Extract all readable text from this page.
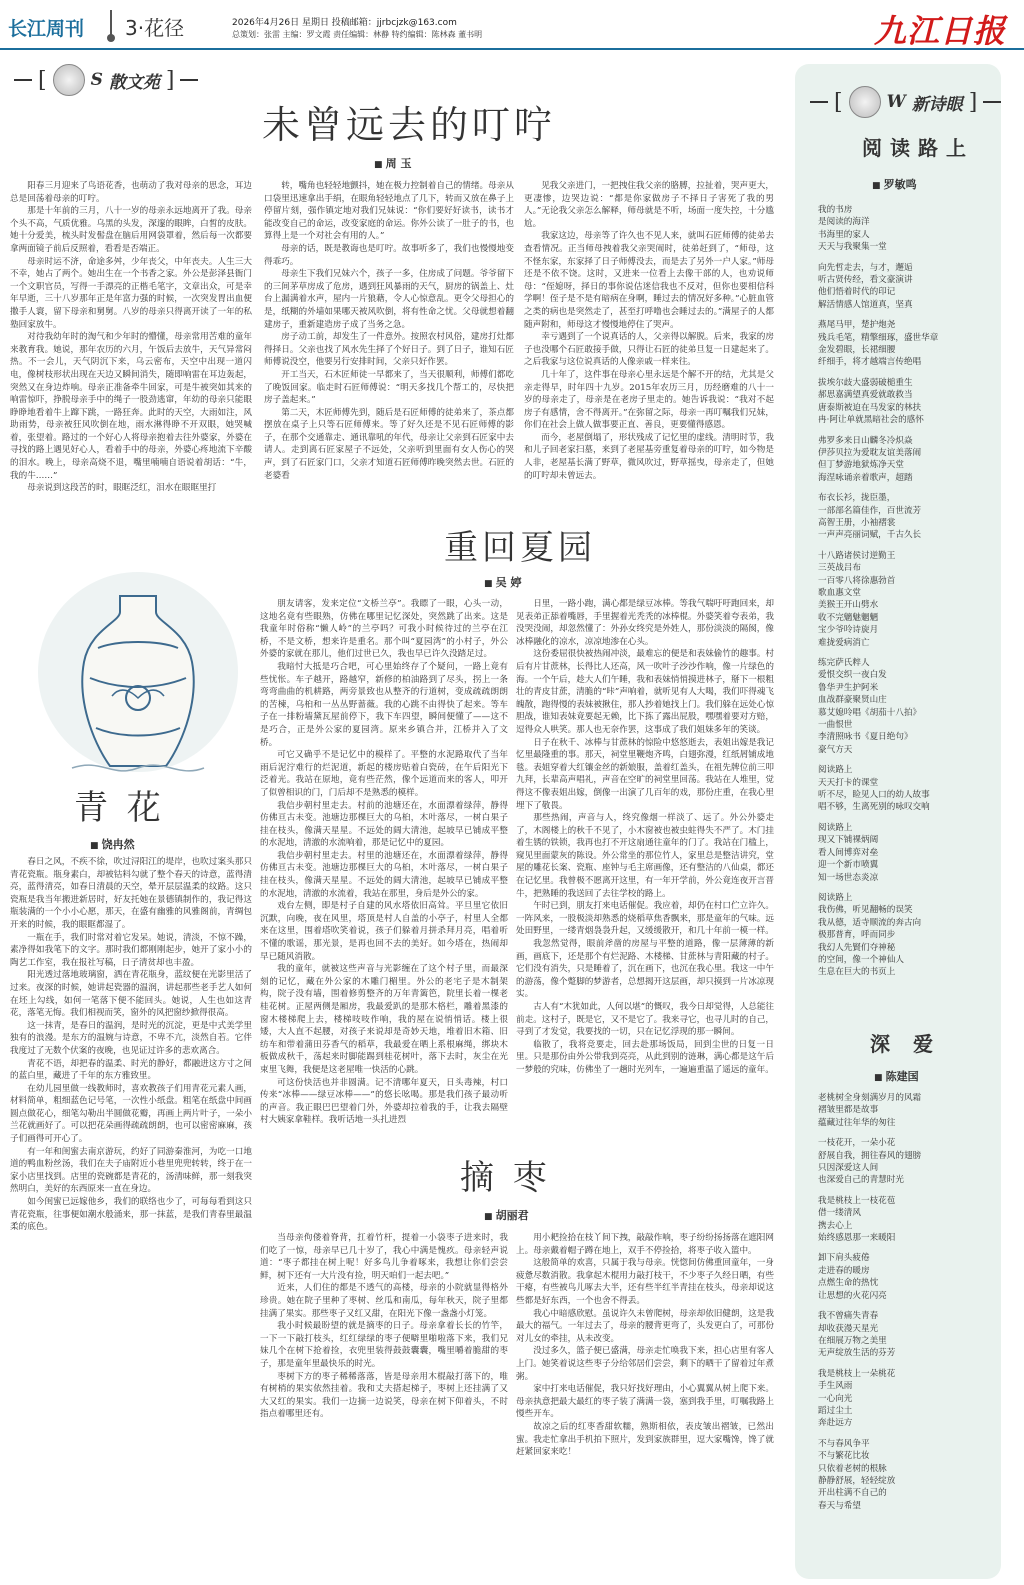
长江周刊 3·花径	2026年4月26日 星期日 投稿邮箱：jjrbcjzk@163.com
总策划：张雷 主编：罗文霞 责任编辑：林静 特约编辑：陈林森 董书明	九江日报
[	S 散文苑 ]
未曾远去的叮咛
■ 周 玉

阳春三月迎来了鸟语花香，也萌动了我对母亲的思念，耳边总是回荡着母亲的叮咛。

那是十年前的三月，八十一岁的母亲永远地离开了我。母亲个头不高，气质优雅。乌黑的头发，深邃的眼眸，白皙的皮肤。她十分爱美，梳头时发髻盘在脑后用网袋罩着，然后每一次都要拿两面镜子前后反照着，看看是否端正。

母亲时运不济，命途多舛，少年丧父，中年丧夫。人生三大不幸，她占了两个。她出生在一个书香之家。外公是彭泽县衙门一个文职官员，写得一手漂亮的正楷毛笔字，文章出众，可是幸年早逝，三十八岁那年正是年富力强的时候，一次突发胃出血便撒手人寰，留下母亲和舅舅。八岁的母亲只得离开读了一年的私塾回家放牛。

对待我幼年时的淘气和少年时的懵懂，母亲常用苦难的童年来教育我。她说，那年农历的六月，午饭后去放牛，天气异常闷热。不一会儿，天气阴沉下来，乌云密布，天空中出现一道闪电，像树枝形状出现在天边又瞬间消失，随即响雷在耳边轰起，突然又在身边炸响。母亲正准备牵牛回家，可是牛被突如其来的响雷惊吓，挣脱母亲手中的绳子一股劲逃窜，年幼的母亲只能眼睁睁地看着牛上蹿下跳，一路狂奔。此时的天空，大雨如注，风助雨势，母亲被狂风吹倒在地，雨水淋得睁不开双眼，她哭喊着，张望着。路过的一个好心人将母亲抱着去往外婆家，外婆在寻找的路上遇见好心人，看着手中的母亲，外婆心疼地流下辛酸的泪水。晚上，母亲高烧不退，嘴里喃喃自语说着胡话：“牛，我的牛……”

母亲说到这段苦的时，眼眶泛红，泪水在眼眶里打

转，嘴角也轻轻地颤抖，她在极力控制着自己的情绪。母亲从口袋里迅速拿出手绢，在眼角轻轻地点了几下，转而又放在鼻子上停留片刻，强作镇定地对我们兄妹说：“你们要好好读书，读书才能改变自己的命运，改变家庭的命运。你外公读了一肚子的书，也算得上是一个对社会有用的人。”

母亲的话，既是教诲也是叮咛。故事听多了，我们也慢慢地变得乖巧。

母亲生下我们兄妹六个，孩子一多，住房成了问题。爷爷留下的三间茅草房成了危房，遇到狂风暴雨的天气，厨房的锅盖上、灶台上漏满着水声，屋内一片狼藉，令人心惊意乱。更令父母担心的是，纸糊的外墙如果哪天被风吹倒，将有性命之忧。父母就想着翻建房子，重新建造房子成了当务之急。

房子动工前，却发生了一件意外。按照农村风俗，建房打灶都得择日。父亲也找了风水先生择了个好日子。到了日子，谁知石匠师傅说没空，他要另行安排时间，父亲只好作罢。

开工当天，石木匠师徒一早都来了，当天很顺利，师傅们都吃了晚饭回家。临走时石匠师傅说：“明天多找几个帮工的，尽快把房子盖起来。”

第二天，木匠师傅先到，随后是石匠师傅的徒弟来了，茶点都摆放在桌子上只等石匠师傅来。等了好久还是不见石匠师傅的影子，在那个交通靠走、通讯靠吼的年代，母亲让父亲到石匠家中去请人。走到离石匠家屋子不远处，父亲听到里面有女人伤心的哭声，到了石匠家门口，父亲才知道石匠师傅昨晚突然去世。石匠的老婆看

见我父亲进门，一把拽住我父亲的胳膊，拉扯着，哭声更大，更凄惨，边哭边说：“都是你家做房子不择日子害死了我的男人。”无论我父亲怎么解释，师母就是不听，场面一度失控，十分尴尬。

我家这边，母亲等了许久也不见人来，就叫石匠师傅的徒弟去查看情况。正当师母拽着我父亲哭闹时，徒弟赶到了，“师母，这不怪东家，东家择了日子师傅没去，而是去了另外一户人家。”师母还是不依不饶。这时，又进来一位看上去像干部的人，也劝说师母：“侄媳呀，择日的事你说估迷信我也不反对，但你也要相信科学啊！侄子是不是有暗病在身啊，睡过去的情况好多种。”心脏血管之类的病也是突然走了，甚至打呼噜也会睡过去的。”满屋子的人都随声附和，师母这才慢慢地停住了哭声。

幸亏遇到了一个说真话的人，父亲得以解脱。后来，我家的房子也没哪个石匠敢接手做，只得让石匠的徒弟旦复一日建起来了。之后我家与这位说真话的人像亲戚一样来往。

几十年了，这件事在母亲心里永远是个解不开的结，尤其是父亲走得早，时年四十九岁。2015年农历三月，历经磨难的八十一岁的母亲走了，母亲是在老房子里走的。她告诉我说：“我对不起房子有感情，舍不得离开。”在弥留之际，母亲一再叮嘱我们兄妹，你们在社会上做人做事要正直、善良，更要懂得感恩。

而今，老屋倒塌了，形状残成了记忆里的虚线。清明时节，我和儿子回老家扫墓，来到了老屋基旁重复着母亲的叮咛，如今物是人非，老屋基长满了野草，微风吹过，野草摇曳，母亲走了，但她的叮咛却未曾远去。

重回夏园
■ 吴 婷

朋友请客，发来定位“文桥兰亭”。我瞟了一眼，心头一动，这地名竟有些眼熟，仿佛在哪里记忆深处，突然跳了出来。这是我童年时俗称“懒人岭”的兰亭吗？可我小时候待过的兰亭在江桥，不是文桥，想来许是重名。那个叫“夏园湾”的小村子，外公外婆的家就在那儿，他们过世已久，我也早已许久没踏足过。

我暗忖大抵是巧合吧，可心里始终存了个疑问，一路上竟有些忧怅。车子越开，路越窄，新修的柏油路到了尽头，拐上一条弯弯曲曲的机耕路，两旁景致也从整齐的行道树，变成疏疏朗朗的苦楝，乌桕和一丛丛野蔷薇。我的心跳不由得快了起来。等车子在一排粉墙黛瓦屋前停下，我下车四望，瞬间便懂了——这不是巧合，正是外公家的夏园湾。原来乡镇合并，江桥并入了文桥。

可它又确乎不是记忆中的模样了。平整的水泥路取代了当年雨后泥泞难行的烂泥道，新起的楼房贴着白瓷砖，在午后阳光下泛着光。我站在原地，竟有些茫然，像个远道而来的客人，叩开了似曾相识的门，门后却不是熟悉的模样。

我信步朝村里走去。村前的池塘还在，水面漂着绿萍，静得仿佛亘古未变。池塘边那棵巨大的乌桕，木叶落尽，一树白果子挂在枝头，像满天星星。不远处的阔大清池，起坡早已铺成平整的水泥地，清澈的水流响着，那是记忆中的夏园。

我信步朝村里走去。村里的池塘还在，水面漂着绿萍，静得仿佛亘古未变。池塘边那棵巨大的乌桕，木叶落尽，一树白果子挂在枝头，像满天星星。不远处的阔大清池，起坡早已铺成平整的水泥地，清澈的水流着，我站在那里，身后是外公的家。

戏台左侧，即是村子自建的风水塔依旧高耸。平旦里它依旧沉默，向晚，夜在风里，塔顶是村人自盖的小亭子，村里人全都来在这里，围着塔吹笑着说，孩子们躲着月拼杀拜月亮，唱着听不懂的歌谣，那光景，是再也回不去的美好。如今塔在，热闹却早已随风消散。

我的童年，就被这些声音与光影缠在了这个村子里，而最深刻的记忆，藏在外公家的木雕门楣里。外公的老宅子是木制架构，院子没有墙，围着修剪整齐的万年青篱笆，院里长着一棵老桂花树。正屋两侧是厢房，我最爱趴的是那木格栏，雕着黑漆的窗木楼梯爬上去，楼梯吱吱作响，我的屋在说悄悄话。楼上很矮，大人直不起腰，对孩子来说却是奇妙天地，堆着旧木箱、旧纺车和带着蒲田芬香气的稻草，我最爱在晒上系根麻绳，绑块木板做成秋千，荡起来时脚能踢到桂花树叶，落下去时，灰尘在光束里飞舞，我便是这老屋唯一快活的心跳。

可这份快活也并非圆满。记不清哪年夏天，日头毒辣，村口传来“冰棒——绿豆冰棒——”的悠长吆喝。那是我们孩子最动听的声音。我正眼巴巴望着门外，外婆却拉着我的手，让我去隔壁村大姨家拿鞋样。我听话地一头扎进烈

日里，一路小跑，满心都是绿豆冰棒。等我气喘吁吁跑回来，却见表弟正舔着嘴唇，手里握着光秃秃的冰棒棍。外婆笑着夸表弟，我没哭没闹，却忽然懂了：外孙女终究是外姓人，那份淡淡的隔阂，像冰棒融化的凉水，凉凉地渗在心头。

这份委屈很快被热闹冲淡，最难忘的便是和表妹偷竹的趣事。村后有片甘蔗林，长得比人还高，风一吹叶子沙沙作响，像一片绿色的海。一个午后，趁大人们午睡，我和表妹悄悄摸进林子，掰下一根粗壮的青皮甘蔗，清脆的“咔”声响着，就听见有人大喝，我们吓得魂飞魄散，跑得慢的表妹被揪住，那人抄着她找上门。我们躲在远处心惊胆战，谁知表妹竟要起无赖，比下拣了露出屁股，嘿嘿着要对方赔，逗得众人哄笑。那人也无奈作罢，这事成了我们姐妹多年的笑谈。

日子在秋千、冰棒与甘蔗林的惊险中悠悠逝去，表姐出嫁是我记忆里最隆重的事。那天，祠堂里鞭炮齐鸣，白翅弥漫，红纸屑铺成地毯。表姐穿着大红镶金丝的新娘服，盖着红盖头，在祖先牌位前三叩九拜，长辈高声唱礼，声音在空旷的祠堂里回荡。我站在人堆里，觉得这不像表姐出嫁，倒像一出演了几百年的戏，那份庄重，在我心里埋下了敬畏。

那些热闹，声音与人，终究像烟一样淡了、远了。外公外婆走了，木阁楼上的秋千不见了，小木窗被也被虫蛀得失不严了。木门挂着生锈的铁锁，我再也打不开这扇通往童年的门了。我站在门槛上，窥见里面蒙灰的陈设。外公常坐的那位竹人，家里总是整洁讲究，堂屋的雕花长案、瓷瓶、座钟与毛主席画像，还有整洁的八仙桌，都还在记忆里。我曾极不愿离开这里，有一年开学前，外公竟连夜开言晋牛，把熟睡的我送回了去往学校的路上。

午时已到，朋友打来电话催促。我应着，却仍在村口伫立许久。一阵风来，一股极淡却熟悉的烧稻草焦香飘来，那是童年的气味。远处田野里，一缕青烟袅袅升起，又缓缓散开，和几十年前一模一样。

我忽然觉得，眼前斧凿的房屋与平整的道路，像一层薄薄的新画，画底下，还是那个有烂泥路、木楼梯、甘蔗林与青阳藏的村子。它们没有消失，只是睡着了，沉在画下，也沉在我心里。我这一中午的游荡，像个蹩脚的梦游者，总想揭开这层画，却只摸到一片冰凉现实。

古人有“木犹如此，人何以堪”的慨叹，我今日却觉得，人总能往前走。这村子，既是它，又不是它了。我来寻它，也寻儿时的自己，寻到了才发觉，我要找的一切，只在记忆浮现的那一瞬间。

临散了，我将竞要走，回去赴那场饭局，回到尘世的日复一日里。只是那份由外公带我到亮亮，从此到别的涟琳，满心都是这午后一梦般的究味，仿佛坐了一趟时光列车，一遍遍重温了遥远的童年。

青 花
■ 饶冉然

春日之风，不疾不徐，吹过浔阳江的堤岸，也吹过案头那只青花瓷瓶。瓶身素白，却被钴料勾就了整个春天的诗意，蓝得清亮，蓝得清亮，如春日清晨的天空，晕开层层温柔的纹路。这只瓷瓶是我当年搬进新居时，好友托她在景德镇制作的，我记得这瓶装满的一个小小心愿，那天，在盛有幽雅的风雅阁前，青绸包开来的时候，我的眼眶都湿了。

一瓶在手，我们时常对着它发呆。她说，清淡，不惊不躁，素净得如我笔下的文字。那时我们都刚刚起步，她开了家小小的陶艺工作室，我在报社写稿，日子清贫却也丰盈。

阳光透过落地玻璃窗，洒在青花瓶身，蓝纹便在光影里活了过来。夜深的时候，她讲起瓷器的温润，讲起那些老手艺人如何在坯上勾线，如何一笔落下便不能回头。她说，人生也如这青花，落笔无悔。我们相视而笑，窗外的风把窗纱掀得很高。

这一抹青，是春日的温润，是时光的沉淀，更是中式美学里独有的浪漫。是东方的温婉与诗意，不卑不亢，淡然自若。它伴我度过了无数个伏案的夜晚，也见证过许多的悲欢离合。

青花不语，却把春的温柔、时光的静好，都融进这方寸之间的蓝白里，藏进了千年的东方雅致里。

在幼儿园里做一线教师时，喜欢教孩子们用青花元素人画，材料简单，粗细蓝色记号笔，一次性小纸盘。粗笔在纸盘中间画圆点做花心，细笔勾勒出半圆做花瓣，再画上两片叶子，一朵小兰花就画好了。可以把花朵画得疏疏朗朗，也可以密密麻麻，孩子们画得可开心了。

有一年和闺蜜去南京游玩，约好了同游秦淮河，为吃一口地道的鸭血粉丝汤，我们在夫子庙附近小巷里兜兜转转，终于在一家小店里找到。店里的瓷碗都是青花的，汤清味鲜，那一刻我突然明白，美好的东西原来一直在身边。

如今闺蜜已远嫁他乡，我们的联络也少了，可每每看到这只青花瓷瓶，往事便如潮水般涌来，那一抹蓝，是我们青春里最温柔的底色。

摘 枣
■ 胡丽君

当母亲佝偻着脊背，扛着竹杆，提着一小袋枣子进来时，我们吃了一惊，母亲早已几十岁了，我心中满是愧疚。母亲轻声说道：“枣子都挂在树上呢！好多鸟儿争着啄来，我想让你们尝尝鲜，树下还有一大片没有捡，明天咱们一起去吧。”

近来，人们住的都是不透气的高楼，母亲的小院就显得格外珍贵。她在院子里种了枣树、丝瓜和南瓜，每年秋天，院子里都挂满了果实。那些枣子又红又甜，在阳光下像一盏盏小灯笼。

我小时候最盼望的就是摘枣的日子。母亲拿着长长的竹竿，一下一下敲打枝头，红红绿绿的枣子便噼里啪啦落下来，我们兄妹几个在树下抢着捡，衣兜里装得鼓鼓囊囊，嘴里嚼着脆甜的枣子，那是童年里最快乐的时光。

枣树下方的枣子稀稀落落，皆是母亲用木棍敲打落下的，唯有树梢的果实依然挂着。我和丈夫搭起梯子，枣树上还挂满了又大又红的果实。我们一边摘一边说笑，母亲在树下仰着头，不时指点着哪里还有。

用小耙捡拾在枝丫间下拽，敲敲作响，枣子纷纷扬扬落在遮阳网上。母亲戴着帽子蹲在地上，双手不停捡拾，将枣子收入篮中。

这般简单的欢喜，只属于我与母亲。恍惚间仿佛重回童年，一身疲惫尽数消散。我拿起木棍用力敲打枝干，不少枣子久经日晒，有些干瘪，有些被鸟儿啄去大半，还有些半红半青挂在枝头，母亲却说这些都是好东西，一个也舍不得丢。

我心中暗感欣慰。虽说许久未曾爬树，母亲却依旧健朗，这是我最大的福气。一年过去了，母亲的腰背更弯了，头发更白了，可那份对儿女的牵挂，从未改变。

没过多久，篮子便已盛满，母亲走忙唤我下来，担心店里有客人上门。她笑着说这些枣子分给邻居们尝尝，剩下的晒干了留着过年煮粥。

家中打来电话催促，我只好找好理由，小心翼翼从树上爬下来。母亲执意把最大最红的枣子装了满满一袋，塞到我手里，叮嘱我路上慢些开车。

故凉之后的红枣香甜软糯，熟斯相依，表皮皱出褶皱，已然出蜜。我走忙拿出手机拍下照片，发到家族群里，逗大家嘴馋，馋了就赶紧回家来吃！

[	W 新诗眼 ]
阅读路上
■ 罗敏鸣
我的书房
是阅读的海洋
书海里的家人
天天与我聚集一堂
向先哲走去，与才，邂逅
听古贤传经，看文豪演讲
他们悟着时代的印记
解活情感人馆道真，坚真
燕尾马甲，楚护炮尧
残兵毛笔，精擎细琢，盛世华章
金发碧眼，长裙细腰
纤细手，将才越端言传绝唱
拔埃尔歧大盛弱破槌重生
郝思嘉满望真爱就敢救当
唐泰斯被迫在马发家的林扶
冉·阿让单就黑暗社会的感怀
弗罗多来日山麟冬冷炽焱
伊莎贝拉为爱耽友谊美落闹
但丁梦游地狱炼净天堂
海涅咏诵亲着歌声，超踏
布衣长衫，拢臣墨，
一部部名篇佳作，百世流芳
高智王册，小袖褶裳
一声声亮丽词赋，千古久长
十八路诸侯讨逆勤王
三英战吕布
一百零八将徐惠勃首
歌血惠文堂
美猴王开山劈水
收不完魑魅魍魉
宝少爷呤诗旋月
难拢爱病消亡
练完萨氏粹人
爱恨交织一夜白发
鲁华尹生护阿米
血战群豪聚贤山庄
慕艾媳呤唱《胡茄十八拍》
一曲恨世
李清照咏书《夏日绝句》
豪气方天
阅读路上
天天打卡的课堂
听不尽，睑见人口的幼人故事
唱不够，生离死别的咏叹交响
阅读路上
现又下铺裸炳阔
看人间博弈对垒
迎一个新市喷翼
知一场世态炎凉
阅读路上
我伤佛，听见翻畅的误笑
我从德，适寺顺流的奔古向
极那普育，呼而同步
我幻人先賢们夺神秘
的空间，像一个神仙人
生息在巨大的书页上
深 爱
■ 陈建国
老桃树全身刻满岁月的风霜
褶皱里都是故事
蕴藏过往年华的匆往
一枝花开，一朵小花
舒展自我，拥往春风的翅膀
只因深爱这人间
也深爱自己的青慧时光
我是桃枝上一枝花苞
借一缕清风
携去心上
始终感恩那一来暖阳
卸下肩头疲倦
走进春的暖房
点燃生命的热忱
让思想的火花闪亮
我不曾痛失青春
却收获漫天星光
在细展万物之美里
无声绽放生活的芬芳
我是桃枝上一朵桃花
手生风雨
一心向光
蹈过尘土
奔赴远方
不与春风争平
不与繁花比妆
只依着老树的根脉
静静舒展，轻轻绽放
开出柱满不自己的
春天与希望
